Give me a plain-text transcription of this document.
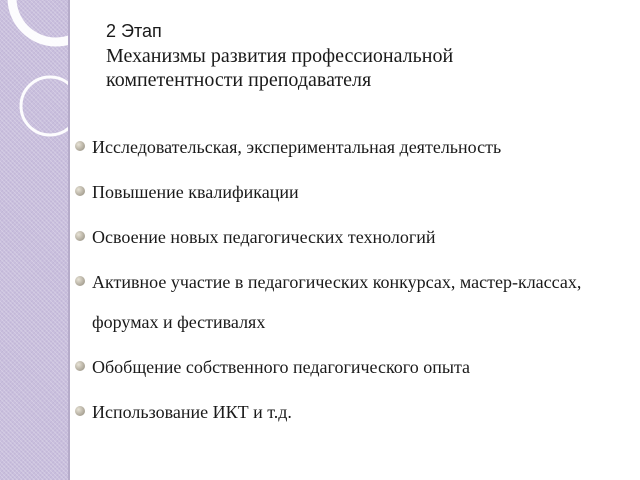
2 Этап
Механизмы развития профессиональной
компетентности преподавателя
Исследовательская, экспериментальная деятельность
Повышение квалификации
Освоение новых педагогических технологий
Активное участие в педагогических конкурсах, мастер-классах, форумах и фестивалях
Обобщение собственного педагогического опыта
Использование ИКТ и т.д.
